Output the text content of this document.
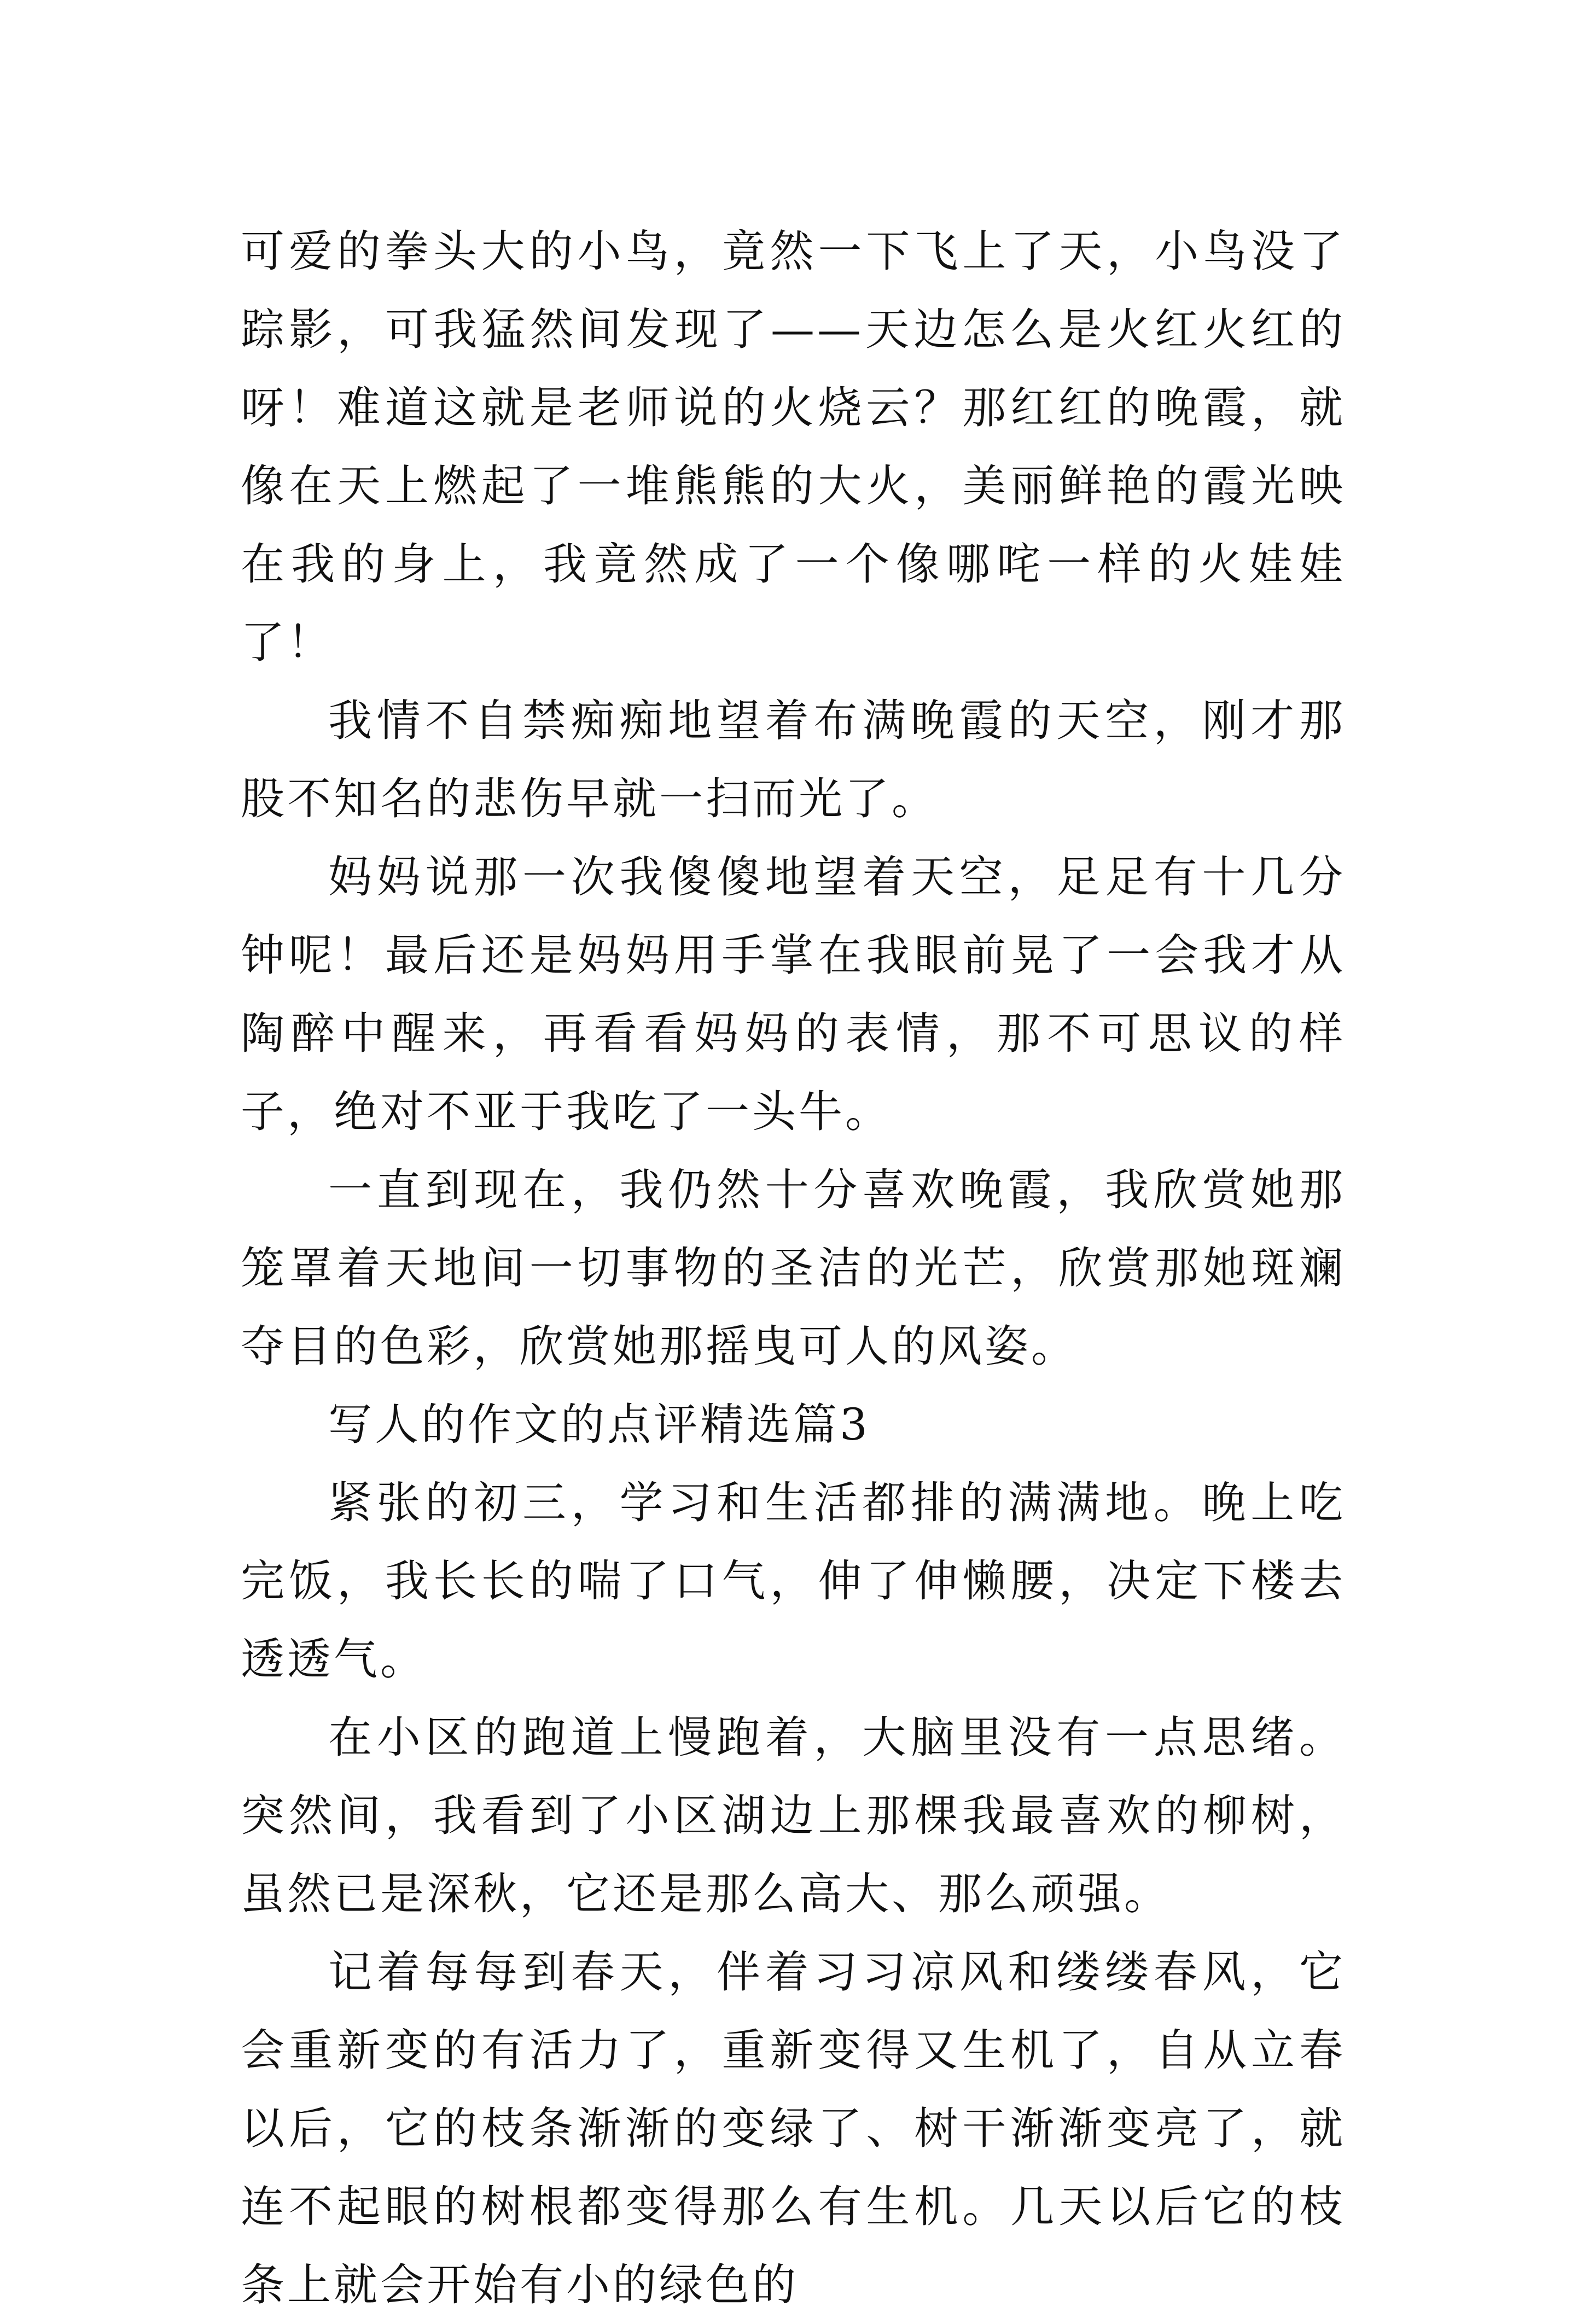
可爱的拳头大的小鸟，竟然一下飞上了天，小鸟没了踪影，可我猛然间发现了——天边怎么是火红火红的呀！难道这就是老师说的火烧云？那红红的晚霞，就像在天上燃起了一堆熊熊的大火，美丽鲜艳的霞光映在我的身上，我竟然成了一个像哪咤一样的火娃娃了！

我情不自禁痴痴地望着布满晚霞的天空，刚才那股不知名的悲伤早就一扫而光了。

妈妈说那一次我傻傻地望着天空，足足有十几分钟呢！最后还是妈妈用手掌在我眼前晃了一会我才从陶醉中醒来，再看看妈妈的表情，那不可思议的样子，绝对不亚于我吃了一头牛。

一直到现在，我仍然十分喜欢晚霞，我欣赏她那笼罩着天地间一切事物的圣洁的光芒，欣赏那她斑斓夺目的色彩，欣赏她那摇曳可人的风姿。

写人的作文的点评精选篇3

紧张的初三，学习和生活都排的满满地。晚上吃完饭，我长长的喘了口气，伸了伸懒腰，决定下楼去透透气。

在小区的跑道上慢跑着，大脑里没有一点思绪。突然间，我看到了小区湖边上那棵我最喜欢的柳树，虽然已是深秋，它还是那么高大、那么顽强。

记着每每到春天，伴着习习凉风和缕缕春风，它会重新变的有活力了，重新变得又生机了，自从立春以后，它的枝条渐渐的变绿了、树干渐渐变亮了，就连不起眼的树根都变得那么有生机。几天以后它的枝条上就会开始有小的绿色的
